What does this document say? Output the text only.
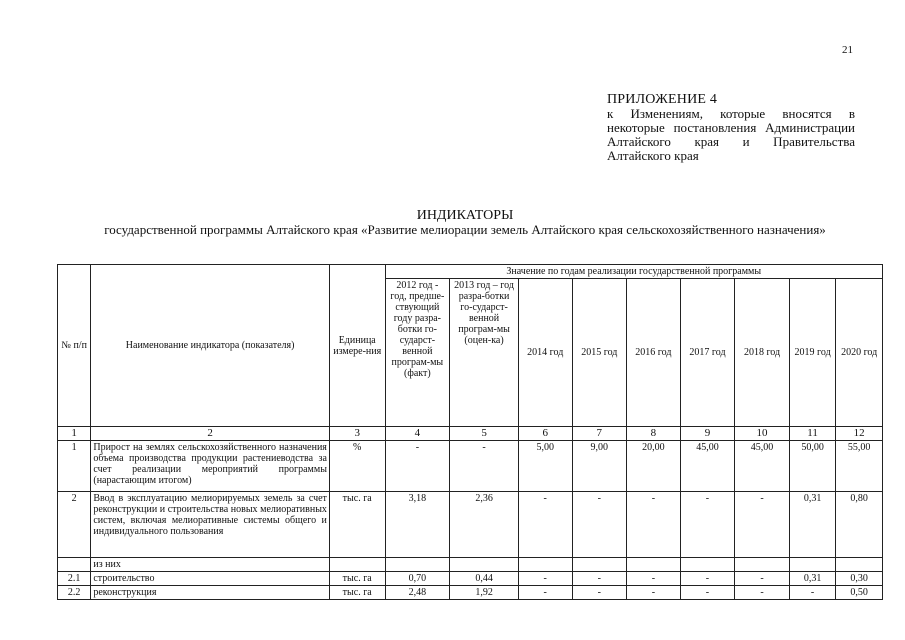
21
ПРИЛОЖЕНИЕ 4
к Изменениям, которые вносятся в некоторые постановления Администрации Алтайского края и Правительства Алтайского края
ИНДИКАТОРЫ
государственной программы Алтайского края «Развитие мелиорации земель Алтайского края сельскохозяйственного назначения»
№ п/п	Наименование индикатора (показателя)	Единица измере-ния	Значение по годам реализации государственной программы								
			2012 год - год, предше-ствующий году разра-ботки го-сударст-венной програм-мы (факт)	2013 год – год разра-ботки го-сударст-венной програм-мы (оцен-ка)	2014 год	2015 год	2016 год	2017 год	2018 год	2019 год	2020 год
1	2	3	4	5	6	7	8	9	10	11	12
1	Прирост на землях сельскохозяйственного назначения объема производства продукции растениеводства за счет реализации мероприятий программы (нарастающим итогом)	%	-	-	5,00	9,00	20,00	45,00	45,00	50,00	55,00
2	Ввод в эксплуатацию мелиорируемых земель за счет реконструкции и строительства новых мелиоративных систем, включая мелиоративные системы общего и индивидуального пользования	тыс. га	3,18	2,36	-	-	-	-	-	0,31	0,80
	из них										
2.1	строительство	тыс. га	0,70	0,44	-	-	-	-	-	0,31	0,30
2.2	реконструкция	тыс. га	2,48	1,92	-	-	-	-	-	-	0,50
